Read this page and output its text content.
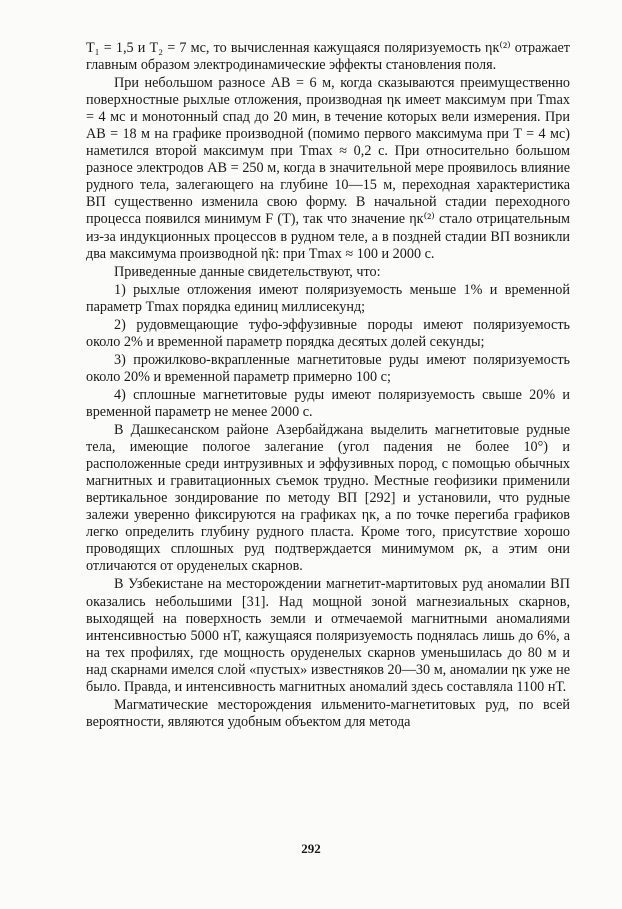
T₁ = 1,5 и T₂ = 7 мс, то вычисленная кажущаяся поляризуемость ηк⁽²⁾ отражает главным образом электродинамические эффекты становления поля.

При небольшом разносе AB = 6 м, когда сказываются преимущественно поверхностные рыхлые отложения, производная ηк имеет максимум при Tmax = 4 мс и монотонный спад до 20 мин, в течение которых вели измерения. При AB = 18 м на графике производной (помимо первого максимума при T = 4 мс) наметился второй максимум при Tmax ≈ 0,2 с. При относительно большом разносе электродов AB = 250 м, когда в значительной мере проявилось влияние рудного тела, залегающего на глубине 10—15 м, переходная характеристика ВП существенно изменила свою форму. В начальной стадии переходного процесса появился минимум F (T), так что значение ηк⁽²⁾ стало отрицательным из-за индукционных процессов в рудном теле, а в поздней стадии ВП возникли два максимума производной η̃к: при Tmax ≈ 100 и 2000 с.

Приведенные данные свидетельствуют, что:

1) рыхлые отложения имеют поляризуемость меньше 1% и временной параметр Tmax порядка единиц миллисекунд;

2) рудовмещающие туфо-эффузивные породы имеют поляризуемость около 2% и временной параметр порядка десятых долей секунды;

3) прожилково-вкрапленные магнетитовые руды имеют поляризуемость около 20% и временной параметр примерно 100 с;

4) сплошные магнетитовые руды имеют поляризуемость свыше 20% и временной параметр не менее 2000 с.

В Дашкесанском районе Азербайджана выделить магнетитовые рудные тела, имеющие пологое залегание (угол падения не более 10°) и расположенные среди интрузивных и эффузивных пород, с помощью обычных магнитных и гравитационных съемок трудно. Местные геофизики применили вертикальное зондирование по методу ВП [292] и установили, что рудные залежи уверенно фиксируются на графиках ηк, а по точке перегиба графиков легко определить глубину рудного пласта. Кроме того, присутствие хорошо проводящих сплошных руд подтверждается минимумом ρк, а этим они отличаются от оруденелых скарнов.

В Узбекистане на месторождении магнетит-мартитовых руд аномалии ВП оказались небольшими [31]. Над мощной зоной магнезиальных скарнов, выходящей на поверхность земли и отмечаемой магнитными аномалиями интенсивностью 5000 нТ, кажущаяся поляризуемость поднялась лишь до 6%, а на тех профилях, где мощность оруденелых скарнов уменьшилась до 80 м и над скарнами имелся слой «пустых» известняков 20—30 м, аномалии ηк уже не было. Правда, и интенсивность магнитных аномалий здесь составляла 1100 нТ.

Магматические месторождения ильменито-магнетитовых руд, по всей вероятности, являются удобным объектом для метода

292
